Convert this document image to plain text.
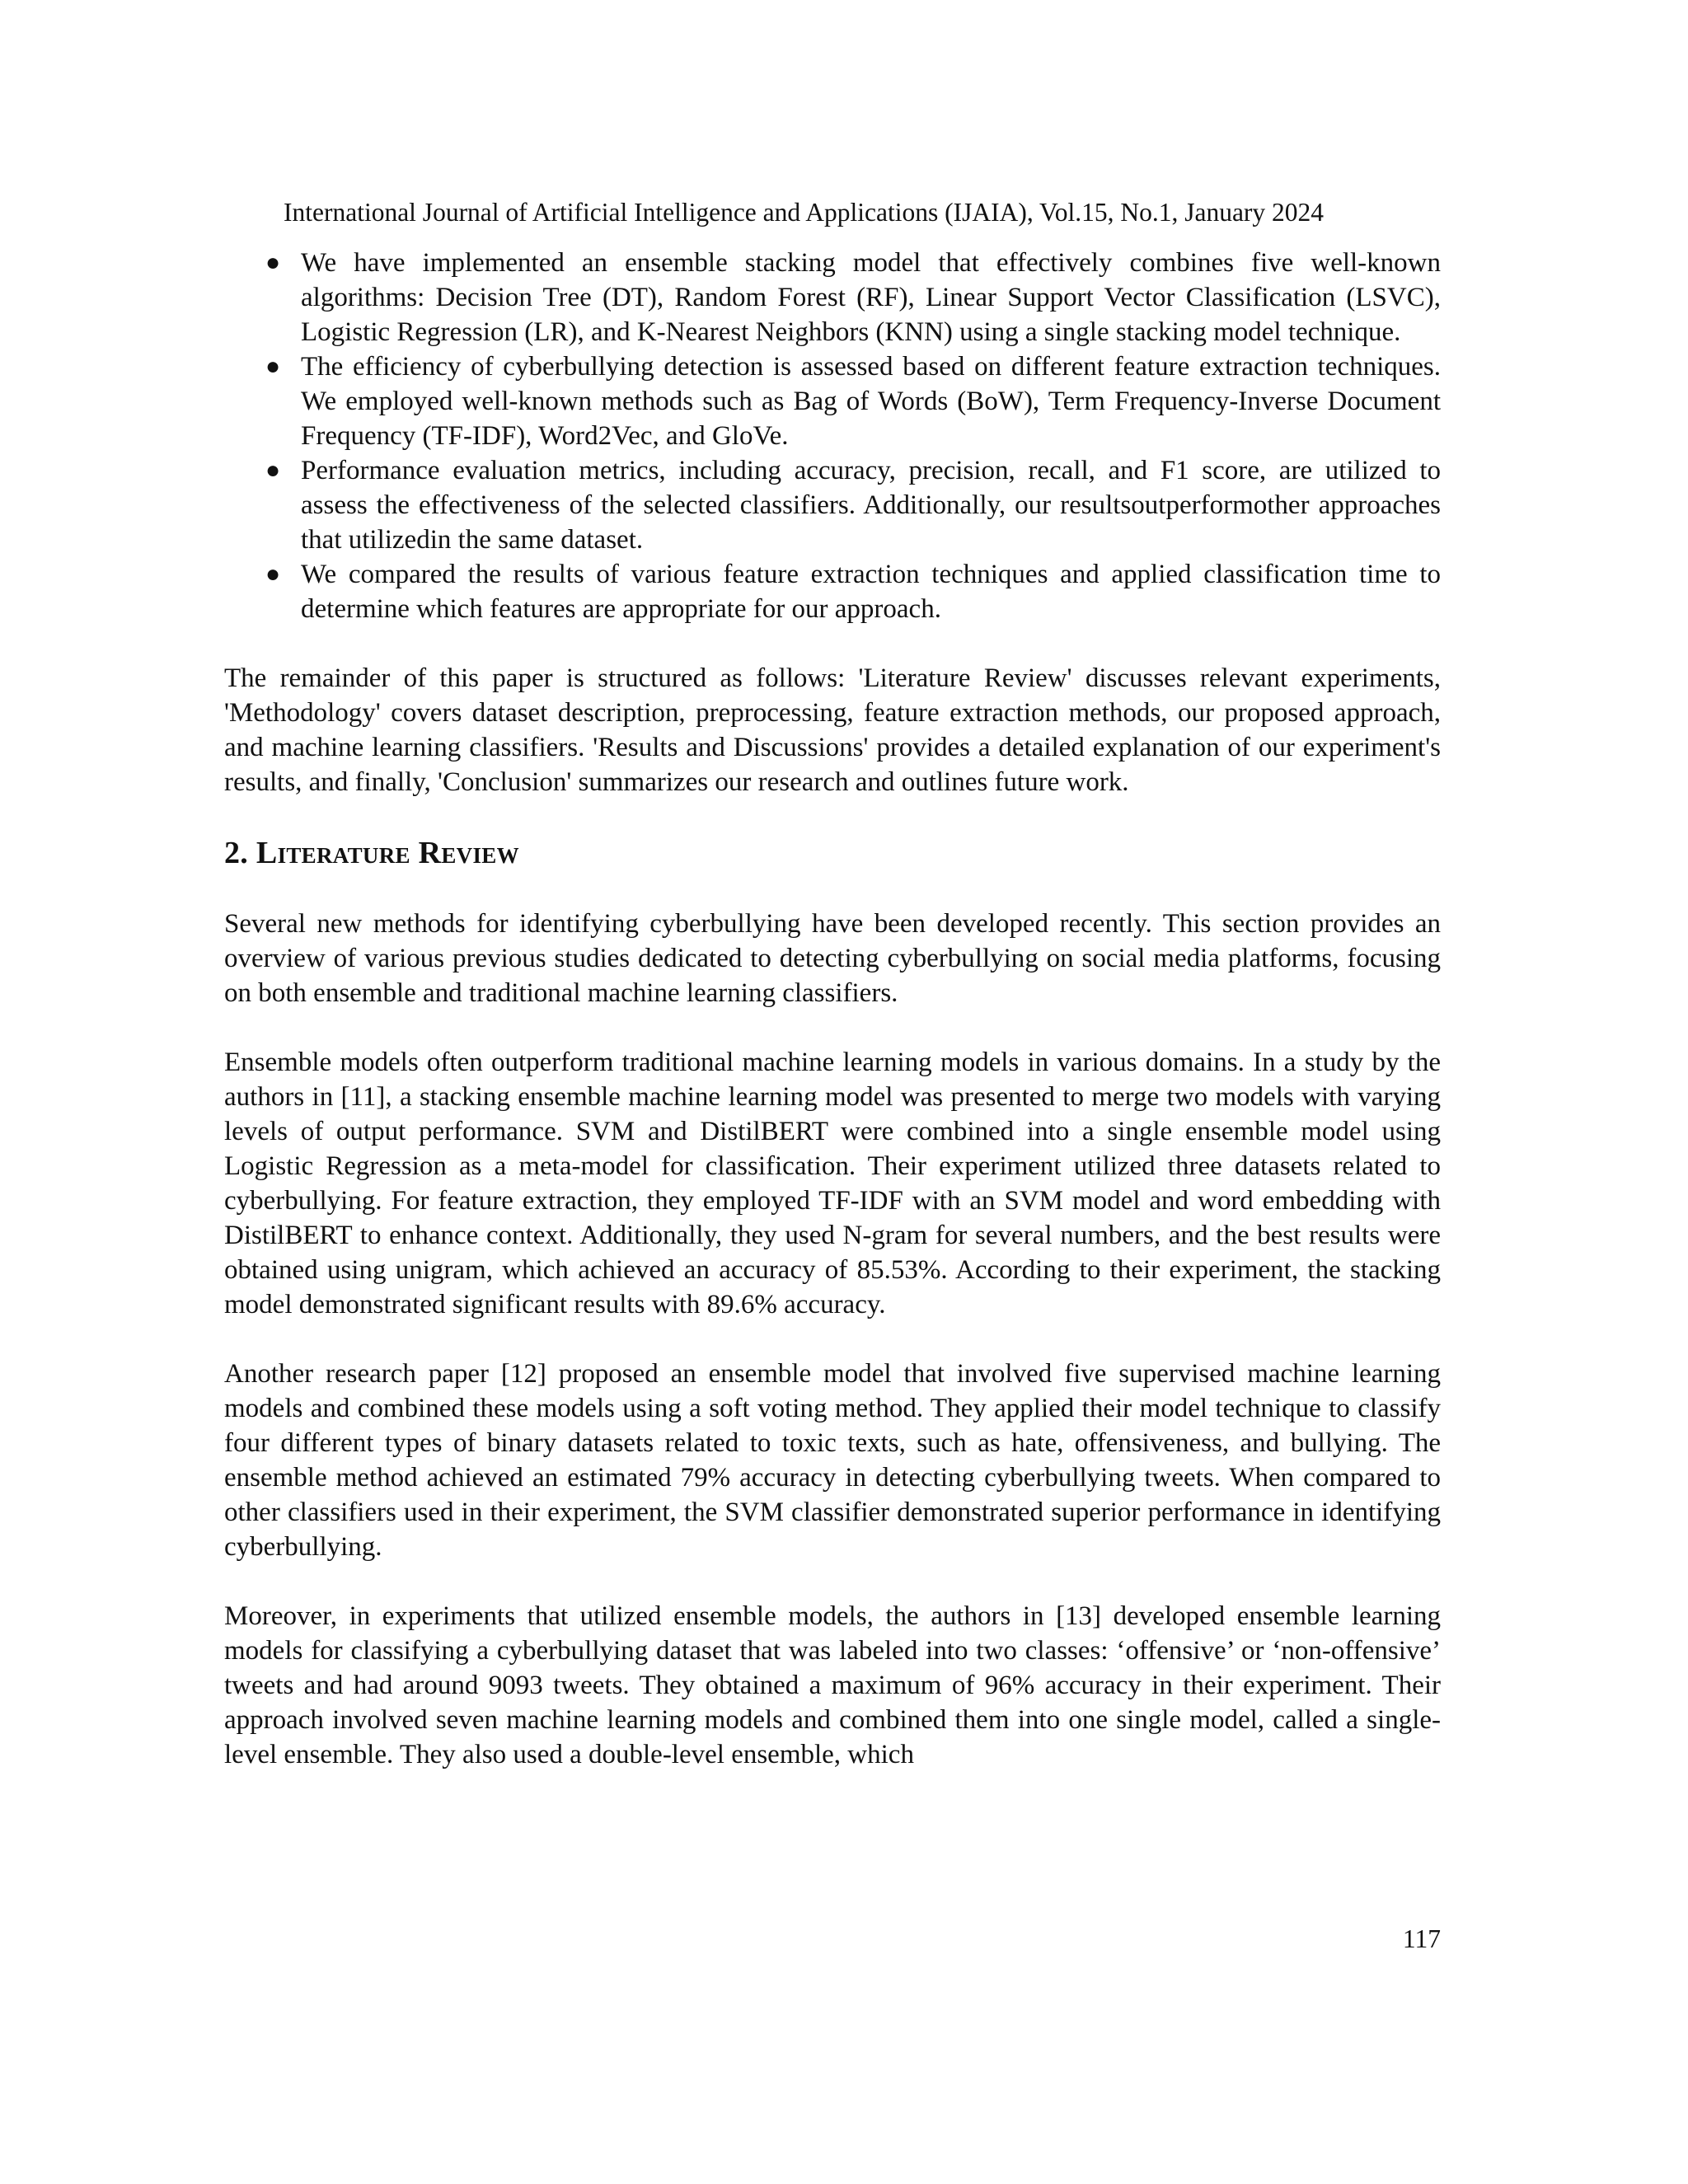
International Journal of Artificial Intelligence and Applications (IJAIA), Vol.15, No.1, January 2024
● We have implemented an ensemble stacking model that effectively combines five well-known algorithms: Decision Tree (DT), Random Forest (RF), Linear Support Vector Classification (LSVC), Logistic Regression (LR), and K-Nearest Neighbors (KNN) using a single stacking model technique.
● The efficiency of cyberbullying detection is assessed based on different feature extraction techniques. We employed well-known methods such as Bag of Words (BoW), Term Frequency-Inverse Document Frequency (TF-IDF), Word2Vec, and GloVe.
● Performance evaluation metrics, including accuracy, precision, recall, and F1 score, are utilized to assess the effectiveness of the selected classifiers. Additionally, our resultsoutperformother approaches that utilizedin the same dataset.
● We compared the results of various feature extraction techniques and applied classification time to determine which features are appropriate for our approach.

The remainder of this paper is structured as follows: 'Literature Review' discusses relevant experiments, 'Methodology' covers dataset description, preprocessing, feature extraction methods, our proposed approach, and machine learning classifiers. 'Results and Discussions' provides a detailed explanation of our experiment's results, and finally, 'Conclusion' summarizes our research and outlines future work.

2. Literature Review

Several new methods for identifying cyberbullying have been developed recently. This section provides an overview of various previous studies dedicated to detecting cyberbullying on social media platforms, focusing on both ensemble and traditional machine learning classifiers.

Ensemble models often outperform traditional machine learning models in various domains. In a study by the authors in [11], a stacking ensemble machine learning model was presented to merge two models with varying levels of output performance. SVM and DistilBERT were combined into a single ensemble model using Logistic Regression as a meta-model for classification. Their experiment utilized three datasets related to cyberbullying. For feature extraction, they employed TF-IDF with an SVM model and word embedding with DistilBERT to enhance context. Additionally, they used N-gram for several numbers, and the best results were obtained using unigram, which achieved an accuracy of 85.53%. According to their experiment, the stacking model demonstrated significant results with 89.6% accuracy.

Another research paper [12] proposed an ensemble model that involved five supervised machine learning models and combined these models using a soft voting method. They applied their model technique to classify four different types of binary datasets related to toxic texts, such as hate, offensiveness, and bullying. The ensemble method achieved an estimated 79% accuracy in detecting cyberbullying tweets. When compared to other classifiers used in their experiment, the SVM classifier demonstrated superior performance in identifying cyberbullying.

Moreover, in experiments that utilized ensemble models, the authors in [13] developed ensemble learning models for classifying a cyberbullying dataset that was labeled into two classes: ‘offensive’ or ‘non-offensive’ tweets and had around 9093 tweets. They obtained a maximum of 96% accuracy in their experiment. Their approach involved seven machine learning models and combined them into one single model, called a single-level ensemble. They also used a double-level ensemble, which

117
